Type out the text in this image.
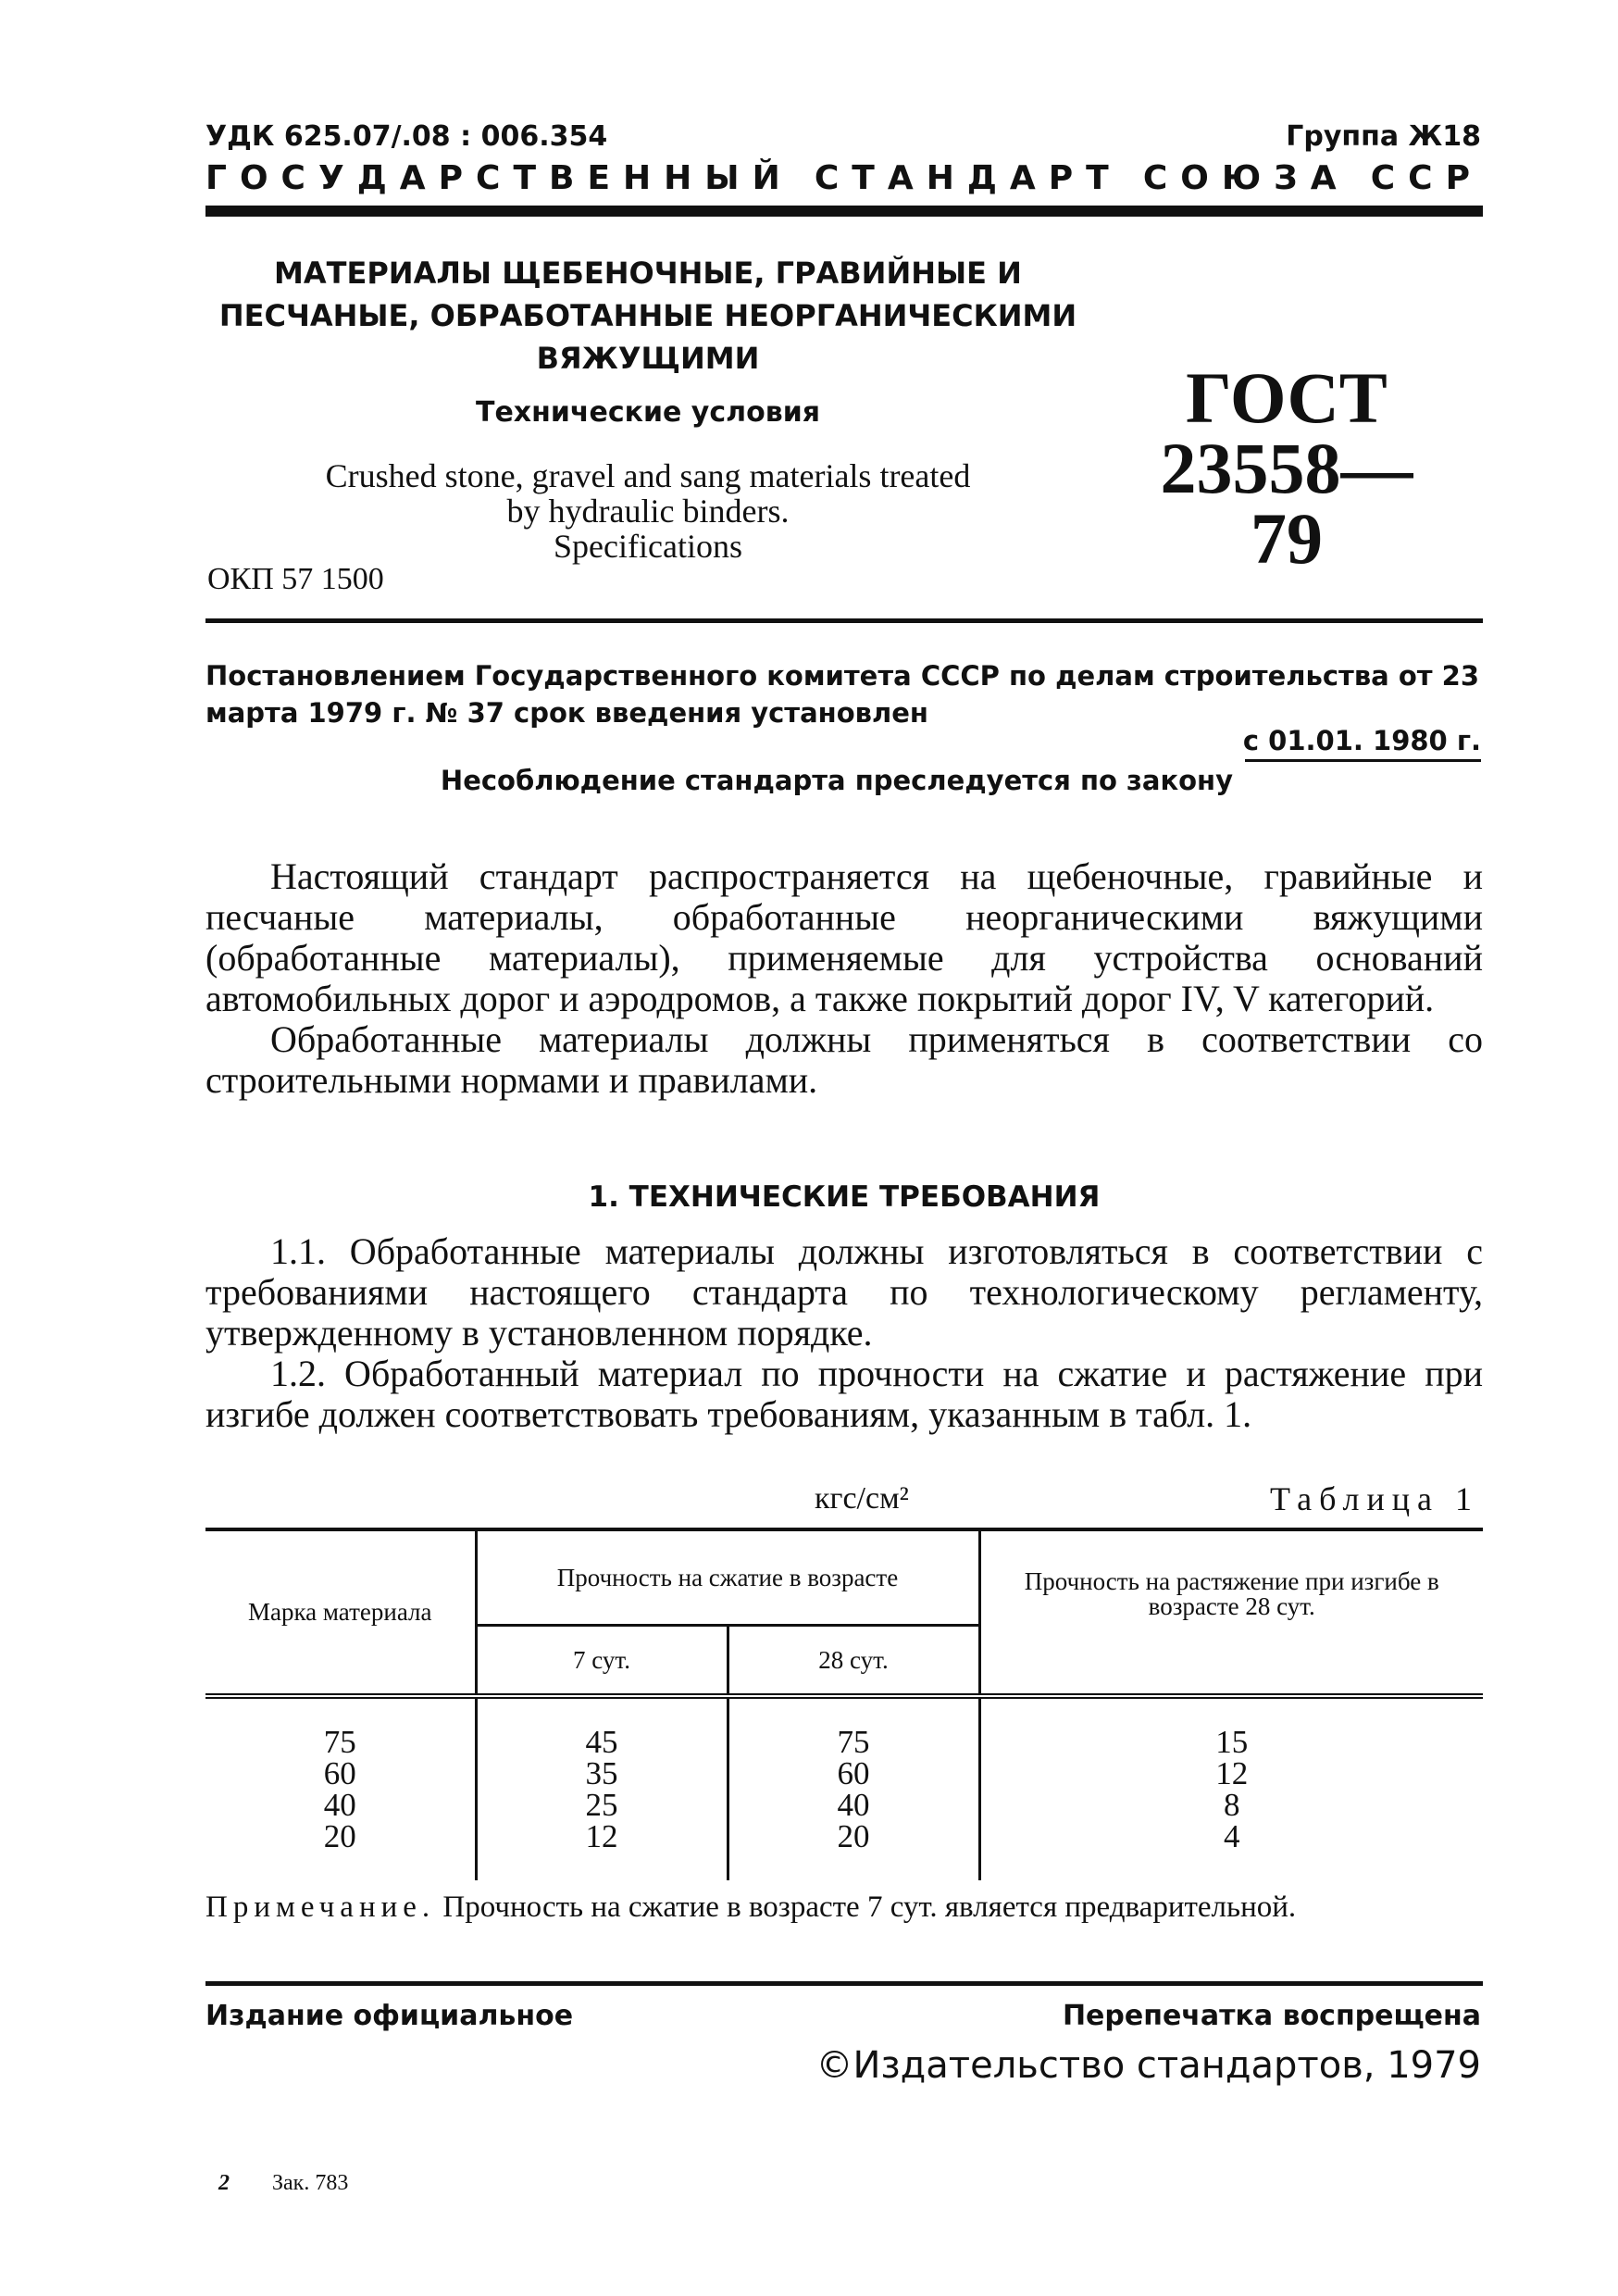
УДК 625.07/.08 : 006.354	Группа Ж18
ГОСУДАРСТВЕННЫЙ СТАНДАРТ СОЮЗА ССР
МАТЕРИАЛЫ ЩЕБЕНОЧНЫЕ, ГРАВИЙНЫЕ И
ПЕСЧАНЫЕ, ОБРАБОТАННЫЕ НЕОРГАНИЧЕСКИМИ
ВЯЖУЩИМИ
Технические условия
Crushed stone, gravel and sang materials treated
by hydraulic binders.
Specifications
ОКП 57 1500
ГОСТ
23558—79
Постановлением Государственного комитета СССР по делам строительства от 23 марта 1979 г. № 37 срок введения установлен
с 01.01. 1980 г.
Несоблюдение стандарта преследуется по закону

Настоящий стандарт распространяется на щебеночные, гравийные и песчаные материалы, обработанные неорганическими вяжущими (обработанные материалы), применяемые для устройства оснований автомобильных дорог и аэродромов, а также покрытий дорог IV, V категорий.

Обработанные материалы должны применяться в соответствии со строительными нормами и правилами.

1. ТЕХНИЧЕСКИЕ ТРЕБОВАНИЯ

1.1. Обработанные материалы должны изготовляться в соответствии с требованиями настоящего стандарта по технологическому регламенту, утвержденному в установленном порядке.

1.2. Обработанный материал по прочности на сжатие и растяжение при изгибе должен соответствовать требованиям, указанным в табл. 1.

кгс/см²	Таблица 1
Марка материала	Прочность на сжатие в возрасте		Прочность на растяжение при изгибе в возрасте 28 сут.
	7 сут.	28 сут.	
75	45	75	15
60	35	60	12
40	25	40	8
20	12	20	4
Примечание. Прочность на сжатие в возрасте 7 сут. является предварительной.
Издание официальное	Перепечатка воспрещена
©Издательство стандартов, 1979
2 Зак. 783
